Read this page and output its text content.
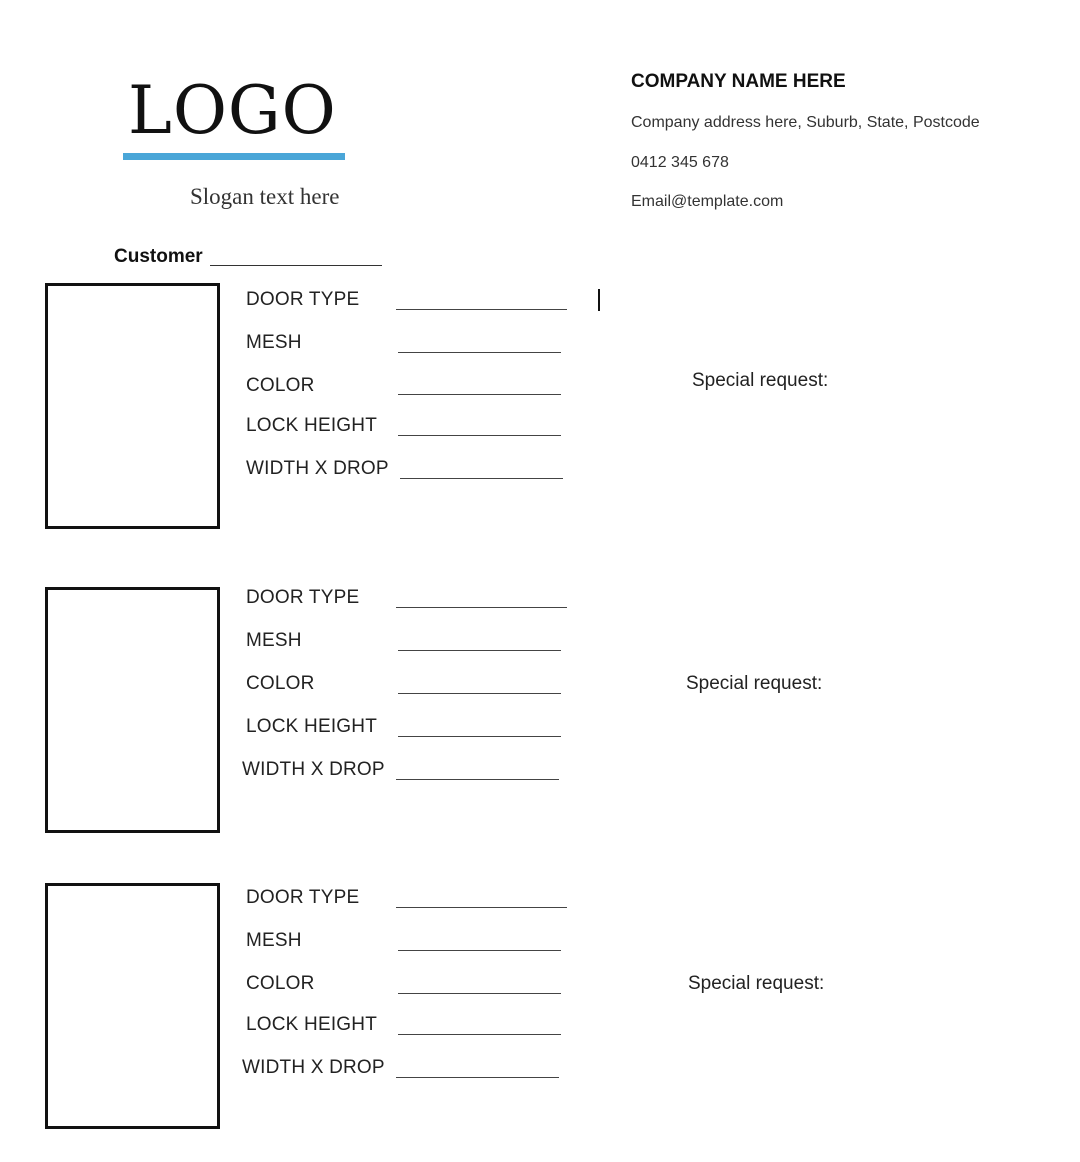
LOGO
Slogan text here
COMPANY NAME HERE
Company address here, Suburb, State, Postcode
0412 345 678
Email@template.com
Customer
DOOR TYPE
MESH
COLOR
LOCK HEIGHT
WIDTH X DROP
Special request:
DOOR TYPE
MESH
COLOR
LOCK HEIGHT
WIDTH X DROP
Special request:
DOOR TYPE
MESH
COLOR
LOCK HEIGHT
WIDTH X DROP
Special request:
